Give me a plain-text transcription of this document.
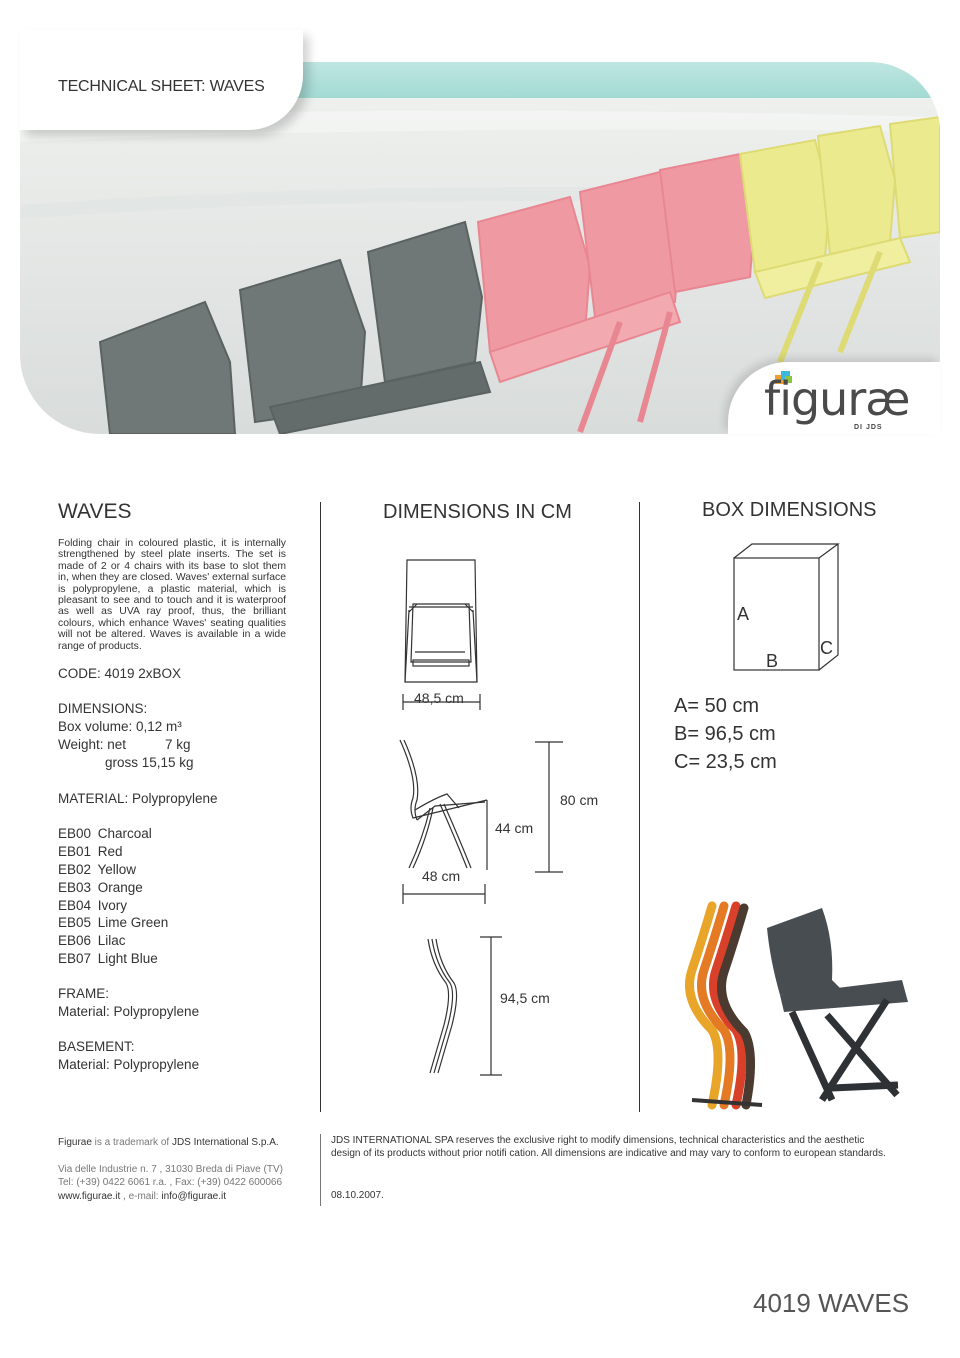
TECHNICAL SHEET: WAVES
figuræ
DI JDS
WAVES
Folding chair in coloured plastic, it is internally strengthened by steel plate inserts. The set is made of 2 or 4 chairs with its base to slot them in, when they are closed. Waves' external surface is polypropylene, a plastic material, which is pleasant to see and to touch and it is waterproof as well as UVA ray proof, thus, the brilliant colours, which enhance Waves' seating qualities will not be altered. Waves is available in a wide range of products.
CODE: 4019 2xBOX
DIMENSIONS:
Box volume: 0,12 m³
Weight: net	7 kg
gross 15,15 kg
MATERIAL: Polypropylene
EB00 Charcoal
EB01 Red
EB02 Yellow
EB03 Orange
EB04 Ivory
EB05 Lime Green
EB06 Lilac
EB07 Light Blue
FRAME:
Material: Polypropylene
BASEMENT:
Material: Polypropylene
DIMENSIONS IN CM
48,5 cm
80 cm
44 cm
48 cm
94,5 cm
BOX DIMENSIONS
A
B
C
A= 50 cm
B= 96,5 cm
C= 23,5 cm
Figurae is a trademark of JDS International S.p.A.
Via delle Industrie n. 7 , 31030 Breda di Piave (TV)
Tel: (+39) 0422 6061 r.a. , Fax: (+39) 0422 600066
www.figurae.it , e-mail: info@figurae.it
JDS INTERNATIONAL SPA reserves the exclusive right to modify dimensions, technical characteristics and the aesthetic design of its products without prior notifi cation. All dimensions are indicative and may vary to conform to european standards.
08.10.2007.
4019 WAVES
